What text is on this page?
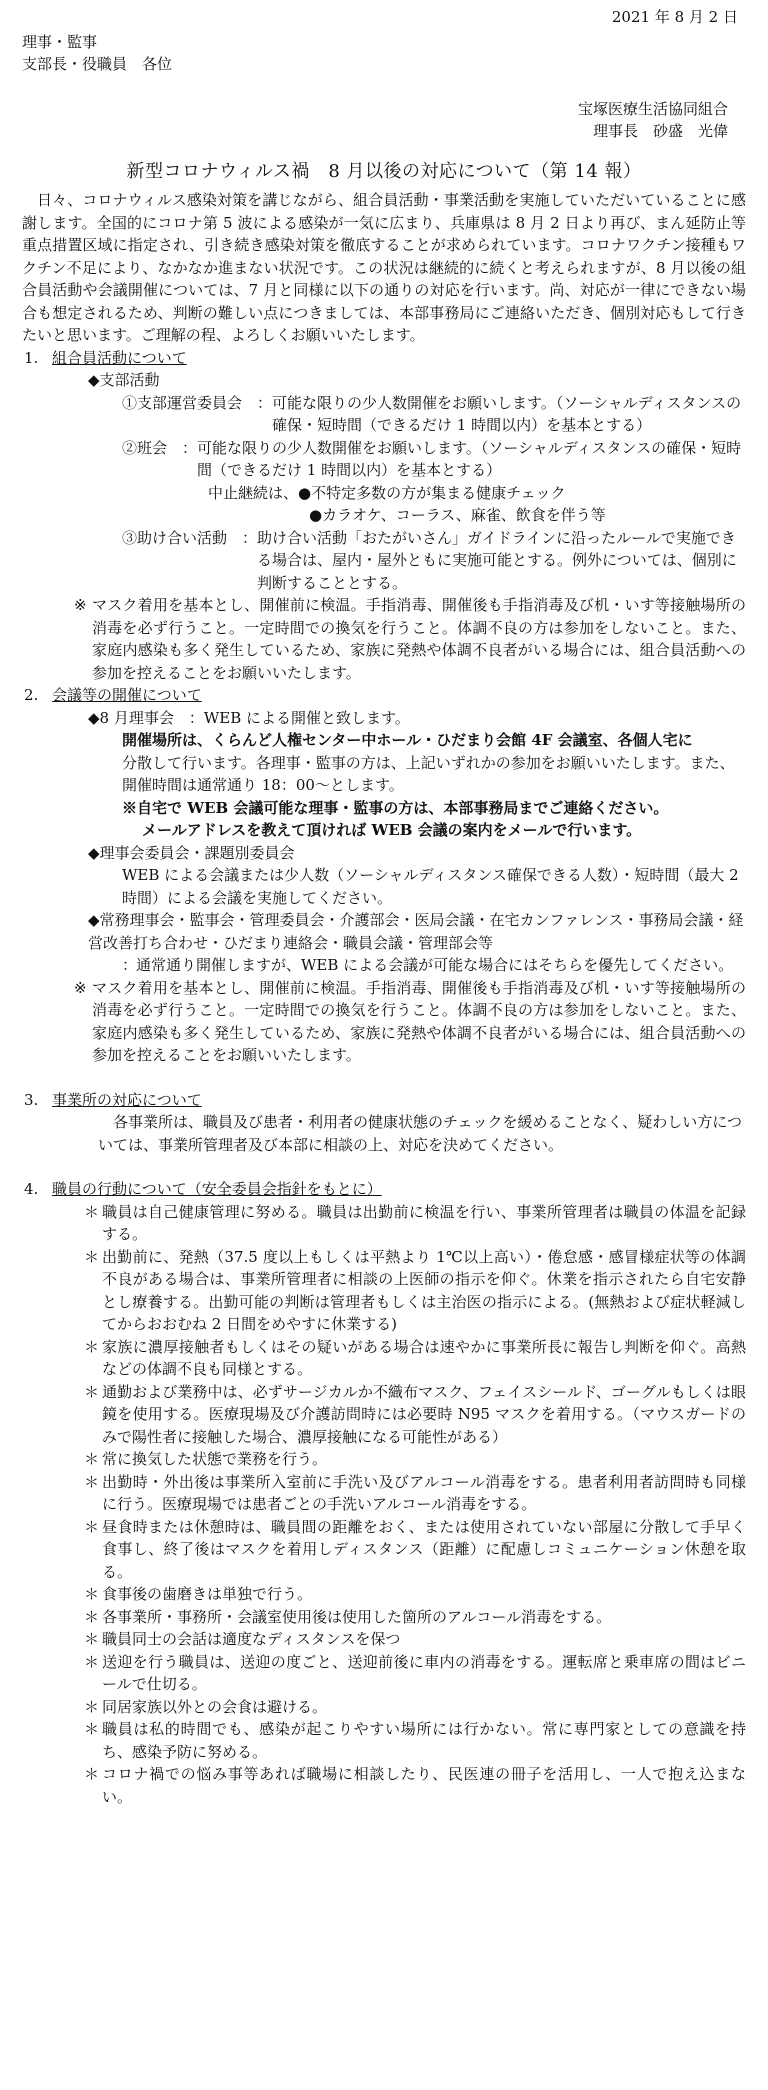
2021 年 8 月 2 日
理事・監事
支部長・役職員　各位
宝塚医療生活協同組合
理事長　砂盛　光偉
新型コロナウィルス禍　8 月以後の対応について（第 14 報）

日々、コロナウィルス感染対策を講じながら、組合員活動・事業活動を実施していただいていることに感謝します。全国的にコロナ第 5 波による感染が一気に広まり、兵庫県は 8 月 2 日より再び、まん延防止等重点措置区域に指定され、引き続き感染対策を徹底することが求められています。コロナワクチン接種もワクチン不足により、なかなか進まない状況です。この状況は継続的に続くと考えられますが、8 月以後の組合員活動や会議開催については、7 月と同様に以下の通りの対応を行います。尚、対応が一律にできない場合も想定されるため、判断の難しい点につきましては、本部事務局にご連絡いただき、個別対応もして行きたいと思います。ご理解の程、よろしくお願いいたします。

1. 組合員活動について
◆支部活動
①支部運営委員会　： 可能な限りの少人数開催をお願いします。（ソーシャルディスタンスの確保・短時間（できるだけ 1 時間以内）を基本とする）
②班会　： 可能な限りの少人数開催をお願いします。（ソーシャルディスタンスの確保・短時間（できるだけ 1 時間以内）を基本とする）
中止継続は、●不特定多数の方が集まる健康チェック
●カラオケ、コーラス、麻雀、飲食を伴う等
③助け合い活動　： 助け合い活動「おたがいさん」ガイドラインに沿ったルールで実施できる場合は、屋内・屋外ともに実施可能とする。例外については、個別に判断することとする。
※ マスク着用を基本とし、開催前に検温。手指消毒、開催後も手指消毒及び机・いす等接触場所の消毒を必ず行うこと。一定時間での換気を行うこと。体調不良の方は参加をしないこと。また、家庭内感染も多く発生しているため、家族に発熱や体調不良者がいる場合には、組合員活動への参加を控えることをお願いいたします。
2. 会議等の開催について
◆8 月理事会　：WEB による開催と致します。
開催場所は、くらんど人権センター中ホール・ひだまり会館 4F 会議室、各個人宅に
分散して行います。各理事・監事の方は、上記いずれかの参加をお願いいたします。また、開催時間は通常通り 18：00～とします。
※自宅で WEB 会議可能な理事・監事の方は、本部事務局までご連絡ください。
メールアドレスを教えて頂ければ WEB 会議の案内をメールで行います。
◆理事会委員会・課題別委員会
WEB による会議または少人数（ソーシャルディスタンス確保できる人数）・短時間（最大 2 時間）による会議を実施してください。
◆常務理事会・監事会・管理委員会・介護部会・医局会議・在宅カンファレンス・事務局会議・経営改善打ち合わせ・ひだまり連絡会・職員会議・管理部会等
：
通常通り開催しますが、WEB による会議が可能な場合にはそちらを優先してください。
※ マスク着用を基本とし、開催前に検温。手指消毒、開催後も手指消毒及び机・いす等接触場所の消毒を必ず行うこと。一定時間での換気を行うこと。体調不良の方は参加をしないこと。また、家庭内感染も多く発生しているため、家族に発熱や体調不良者がいる場合には、組合員活動への参加を控えることをお願いいたします。
3. 事業所の対応について

各事業所は、職員及び患者・利用者の健康状態のチェックを緩めることなく、疑わしい方については、事業所管理者及び本部に相談の上、対応を決めてください。

4. 職員の行動について（安全委員会指針をもとに）
＊ 職員は自己健康管理に努める。職員は出勤前に検温を行い、事業所管理者は職員の体温を記録する。
＊ 出勤前に、発熱（37.5 度以上もしくは平熱より 1℃以上高い）・倦怠感・感冒様症状等の体調不良がある場合は、事業所管理者に相談の上医師の指示を仰ぐ。休業を指示されたら自宅安静とし療養する。出勤可能の判断は管理者もしくは主治医の指示による。(無熱および症状軽減してからおおむね 2 日間をめやすに休業する)
＊ 家族に濃厚接触者もしくはその疑いがある場合は速やかに事業所長に報告し判断を仰ぐ。高熱などの体調不良も同様とする。
＊ 通勤および業務中は、必ずサージカルか不織布マスク、フェイスシールド、ゴーグルもしくは眼鏡を使用する。医療現場及び介護訪問時には必要時 N95 マスクを着用する。（マウスガードのみで陽性者に接触した場合、濃厚接触になる可能性がある）
＊ 常に換気した状態で業務を行う。
＊ 出勤時・外出後は事業所入室前に手洗い及びアルコール消毒をする。患者利用者訪問時も同様に行う。医療現場では患者ごとの手洗いアルコール消毒をする。
＊ 昼食時または休憩時は、職員間の距離をおく、または使用されていない部屋に分散して手早く食事し、終了後はマスクを着用しディスタンス（距離）に配慮しコミュニケーション休憩を取る。
＊ 食事後の歯磨きは単独で行う。
＊ 各事業所・事務所・会議室使用後は使用した箇所のアルコール消毒をする。
＊ 職員同士の会話は適度なディスタンスを保つ
＊ 送迎を行う職員は、送迎の度ごと、送迎前後に車内の消毒をする。運転席と乗車席の間はビニールで仕切る。
＊ 同居家族以外との会食は避ける。
＊ 職員は私的時間でも、感染が起こりやすい場所には行かない。常に専門家としての意識を持ち、感染予防に努める。
＊ コロナ禍での悩み事等あれば職場に相談したり、民医連の冊子を活用し、一人で抱え込まない。
